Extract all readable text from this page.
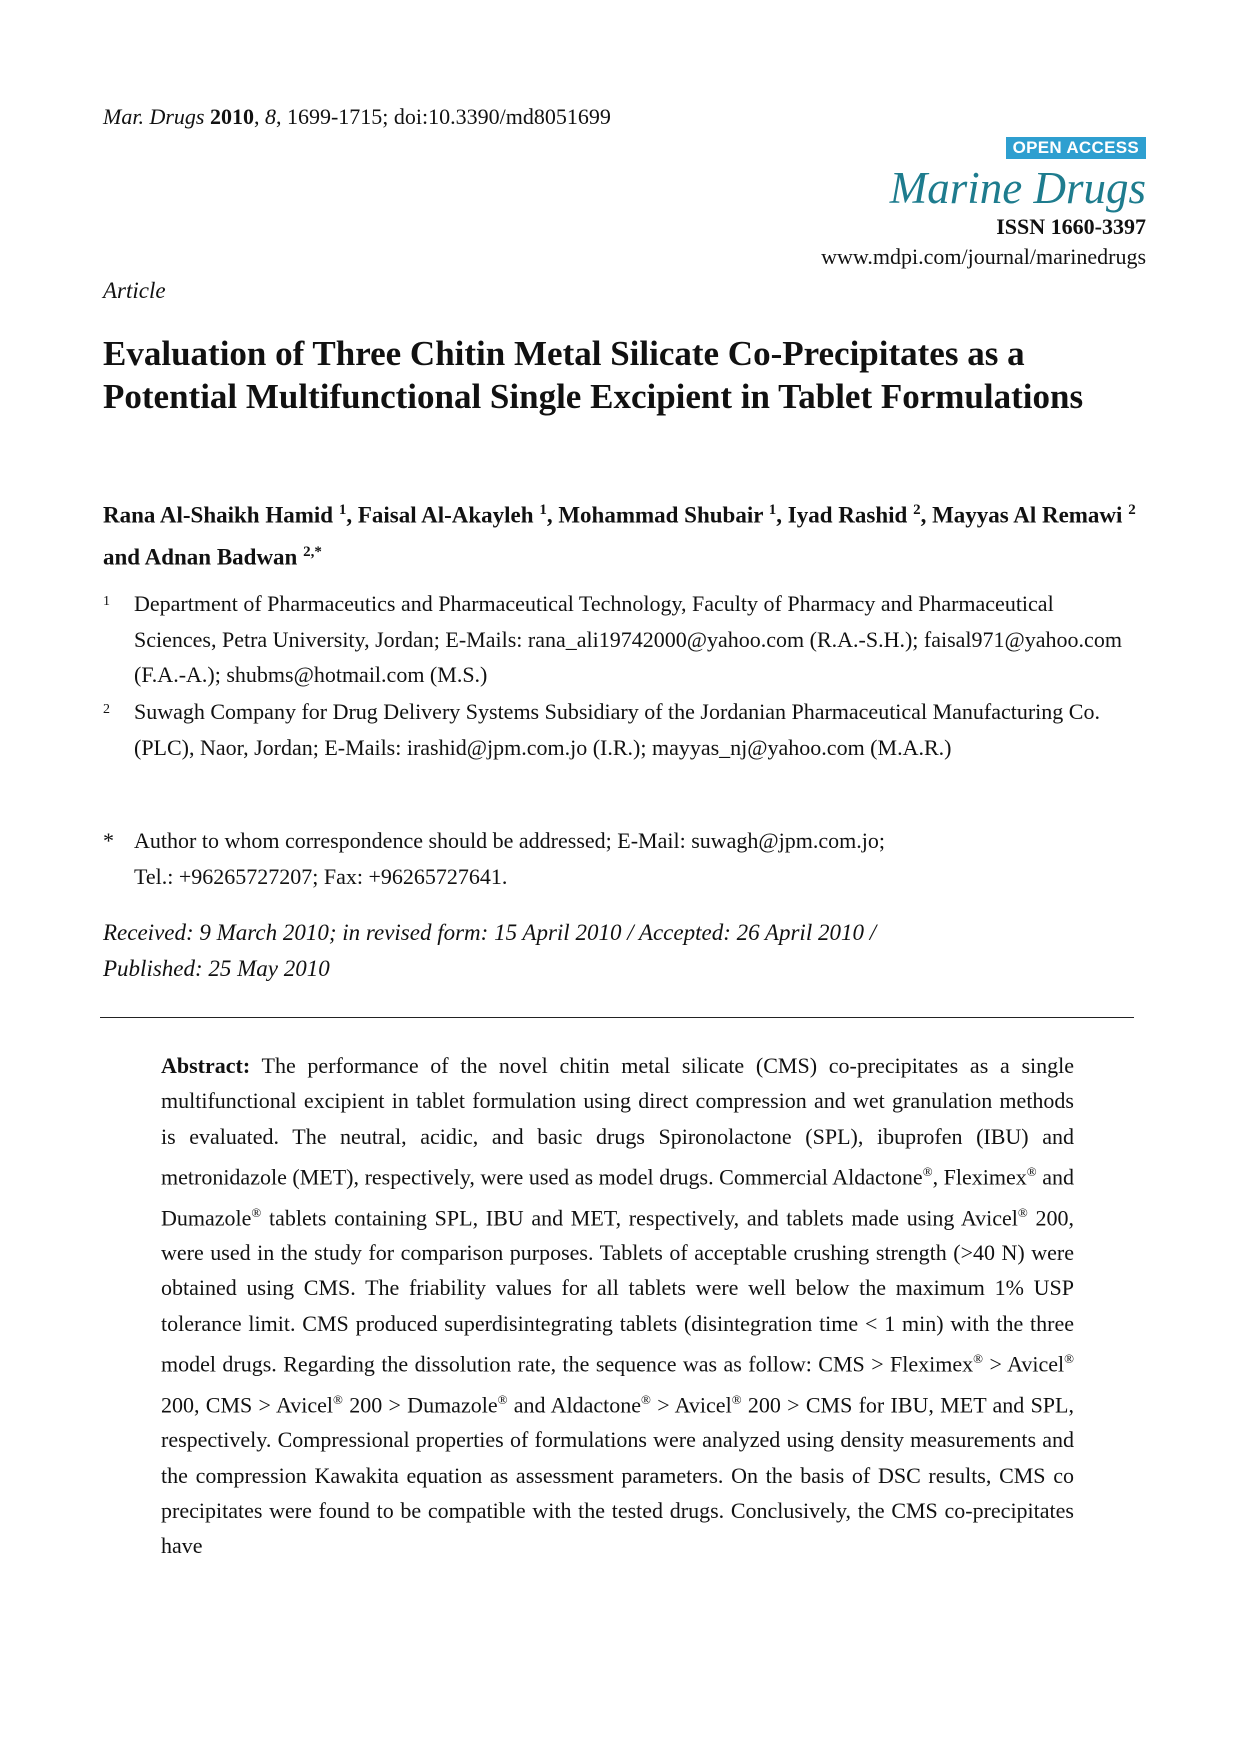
Mar. Drugs 2010, 8, 1699-1715; doi:10.3390/md8051699
OPEN ACCESS
Marine Drugs
ISSN 1660-3397
www.mdpi.com/journal/marinedrugs
Article
Evaluation of Three Chitin Metal Silicate Co-Precipitates as a Potential Multifunctional Single Excipient in Tablet Formulations
Rana Al-Shaikh Hamid $^1$, Faisal Al-Akayleh $^1$, Mohammad Shubair $^1$, Iyad Rashid $^2$, Mayyas Al Remawi $^2$ and Adnan Badwan $^{2,*}$
1 Department of Pharmaceutics and Pharmaceutical Technology, Faculty of Pharmacy and Pharmaceutical Sciences, Petra University, Jordan; E-Mails: rana_ali19742000@yahoo.com (R.A.-S.H.); faisal971@yahoo.com (F.A.-A.); shubms@hotmail.com (M.S.)
2 Suwagh Company for Drug Delivery Systems Subsidiary of the Jordanian Pharmaceutical Manufacturing Co. (PLC), Naor, Jordan; E-Mails: irashid@jpm.com.jo (I.R.); mayyas_nj@yahoo.com (M.A.R.)
* Author to whom correspondence should be addressed; E-Mail: suwagh@jpm.com.jo;
Tel.: +96265727207; Fax: +96265727641.
Received: 9 March 2010; in revised form: 15 April 2010 / Accepted: 26 April 2010 /
Published: 25 May 2010
Abstract: The performance of the novel chitin metal silicate (CMS) co-precipitates as a single multifunctional excipient in tablet formulation using direct compression and wet granulation methods is evaluated. The neutral, acidic, and basic drugs Spironolactone (SPL), ibuprofen (IBU) and metronidazole (MET), respectively, were used as model drugs. Commercial Aldactone®, Fleximex® and Dumazole® tablets containing SPL, IBU and MET, respectively, and tablets made using Avicel® 200, were used in the study for comparison purposes. Tablets of acceptable crushing strength (>40 N) were obtained using CMS. The friability values for all tablets were well below the maximum 1% USP tolerance limit. CMS produced superdisintegrating tablets (disintegration time < 1 min) with the three model drugs. Regarding the dissolution rate, the sequence was as follow: CMS > Fleximex® > Avicel® 200, CMS > Avicel® 200 > Dumazole® and Aldactone® > Avicel® 200 > CMS for IBU, MET and SPL, respectively. Compressional properties of formulations were analyzed using density measurements and the compression Kawakita equation as assessment parameters. On the basis of DSC results, CMS co precipitates were found to be compatible with the tested drugs. Conclusively, the CMS co-precipitates have
